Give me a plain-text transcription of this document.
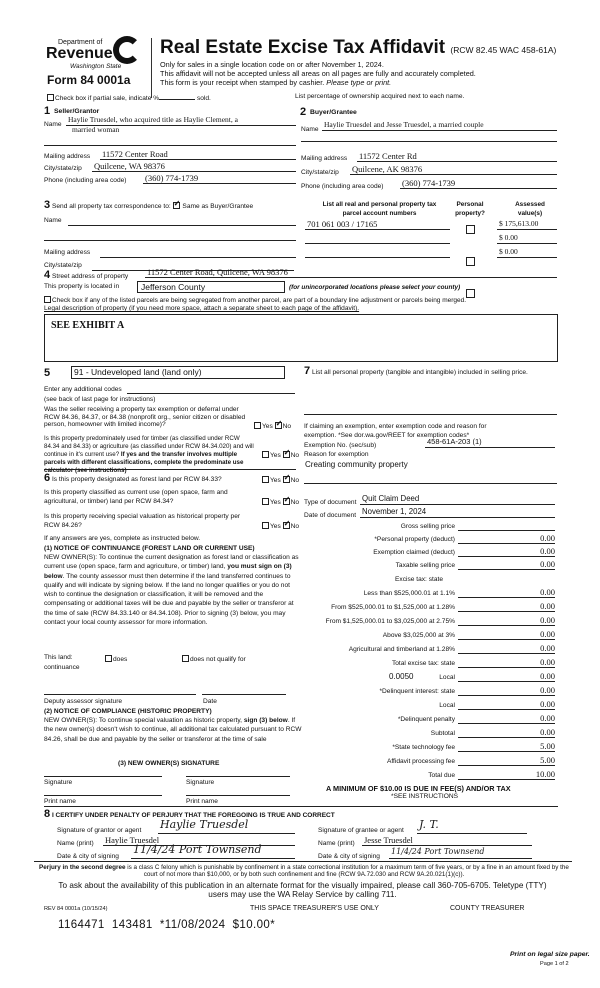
Department of
Revenue
Washington State
Form 84 0001a
Real Estate Excise Tax Affidavit (RCW 82.45 WAC 458-61A)
Only for sales in a single location code on or after November 1, 2024.
This affidavit will not be accepted unless all areas on all pages are fully and accurately completed.
This form is your receipt when stamped by cashier. Please type or print.
Check box if partial sale, indicate %	sold.	List percentage of ownership acquired next to each name.
1 Seller/Grantor
Name
Haylie Truesdel, who acquired title as Haylie Clement, a
married woman
Mailing address 11572 Center Road
City/state/zip Quilcene, WA 98376
Phone (including area code) (360) 774-1739
2 Buyer/Grantee
Name
Haylie Truesdel and Jesse Truesdel, a married couple
Mailing address 11572 Center Rd
City/state/zip Quilcene, AK 98376
Phone (including area code) (360) 774-1739
3 Send all property tax correspondence to: ✓ Same as Buyer/Grantee
Name
Mailing address
City/state/zip
List all real and personal property tax
parcel account numbers
Personal
property?
Assessed
value(s)
701 061 003 / 17165	$ 175,613.00
$ 0.00
$ 0.00
4 Street address of property 11572 Center Road, Quilcene, WA 98376
This property is located in	Jefferson County	(for unincorporated locations please select your county)
Check box if any of the listed parcels are being segregated from another parcel, are part of a boundary line adjustment or parcels being merged.
Legal description of property (if you need more space, attach a separate sheet to each page of the affidavit).
SEE EXHIBIT A
5	91 - Undeveloped land (land only)
Enter any additional codes
(see back of last page for instructions)
Was the seller receiving a property tax exemption or deferral under RCW 84.36, 84.37, or 84.38 (nonprofit org., senior citizen or disabled person, homeowner with limited income)?	Yes ✓ No
Is this property predominately used for timber (as classified under RCW 84.34 and 84.33) or agriculture (as classified under RCW 84.34.020) and will continue in it's current use? If yes and the transfer involves multiple parcels with different classifications, complete the predominate use calculator (see instructions)
Yes ✓ No
6 Is this property designated as forest land per RCW 84.33?	Yes ✓ No
Is this property classified as current use (open space, farm and agricultural, or timber) land per RCW 84.34?	Yes ✓ No
Is this property receiving special valuation as historical property per RCW 84.26?	Yes ✓ No
If any answers are yes, complete as instructed below.
(1) NOTICE OF CONTINUANCE (FOREST LAND OR CURRENT USE)
NEW OWNER(S): To continue the current designation as forest land or classification as current use (open space, farm and agriculture, or timber) land, you must sign on (3) below. The county assessor must then determine if the land transferred continues to qualify and will indicate by signing below. If the land no longer qualifies or you do not wish to continue the designation or classification, it will be removed and the compensating or additional taxes will be due and payable by the seller or transferor at the time of sale (RCW 84.33.140 or 84.34.108). Prior to signing (3) below, you may contact your local county assessor for more information.
This land:	does	does not qualify for
continuance
Deputy assessor signature	Date
(2) NOTICE OF COMPLIANCE (HISTORIC PROPERTY)
NEW OWNER(S): To continue special valuation as historic property, sign (3) below. If the new owner(s) doesn't wish to continue, all additional tax calculated pursuant to RCW 84.26, shall be due and payable by the seller or transferor at the time of sale
(3) NEW OWNER(S) SIGNATURE
Signature	Signature
Print name	Print name
7 List all personal property (tangible and intangible) included in selling price.
If claiming an exemption, enter exemption code and reason for exemption. *See dor.wa.gov/REET for exemption codes*
Exemption No. (sec/sub)	458-61A-203 (1)
Reason for exemption
Creating community property
Type of document Quit Claim Deed
Date of document November 1, 2024
Gross selling price
*Personal property (deduct)	0.00
Exemption claimed (deduct)	0.00
Taxable selling price	0.00
Excise tax: state
Less than $525,000.01 at 1.1%	0.00
From $525,000.01 to $1,525,000 at 1.28%	0.00
From $1,525,000.01 to $3,025,000 at 2.75%	0.00
Above $3,025,000 at 3%	0.00
Agricultural and timberland at 1.28%	0.00
Total excise tax: state	0.00
0.0050	Local	0.00
*Delinquent interest: state	0.00
Local	0.00
*Delinquent penalty	0.00
Subtotal	0.00
*State technology fee	5.00
Affidavit processing fee	5.00
Total due	10.00
A MINIMUM OF $10.00 IS DUE IN FEE(S) AND/OR TAX
*SEE INSTRUCTIONS
8 I CERTIFY UNDER PENALTY OF PERJURY THAT THE FOREGOING IS TRUE AND CORRECT
Signature of grantor or agent Haylie Truesdel
Name (print) Haylie Truesdel
Date & city of signing
11/4/24 Port Townsend
Signature of grantee or agent J. T.
Name (print) Jesse Truesdel
Date & city of signing
11/4/24 Port Townsend
Perjury in the second degree is a class C felony which is punishable by confinement in a state correctional institution for a maximum term of five years, or by a fine in an amount fixed by the court of not more than $10,000, or by both such confinement and fine (RCW 9A.72.030 and RCW 9A.20.021(1)(c)).
To ask about the availability of this publication in an alternate format for the visually impaired, please call 360-705-6705. Teletype (TTY) users may use the WA Relay Service by calling 711.
REV 84 0001a (10/15/24)	THIS SPACE TREASURER'S USE ONLY	COUNTY TREASURER
1164471  143481  *11/08/2024  $10.00*
Print on legal size paper.
Page 1 of 2
